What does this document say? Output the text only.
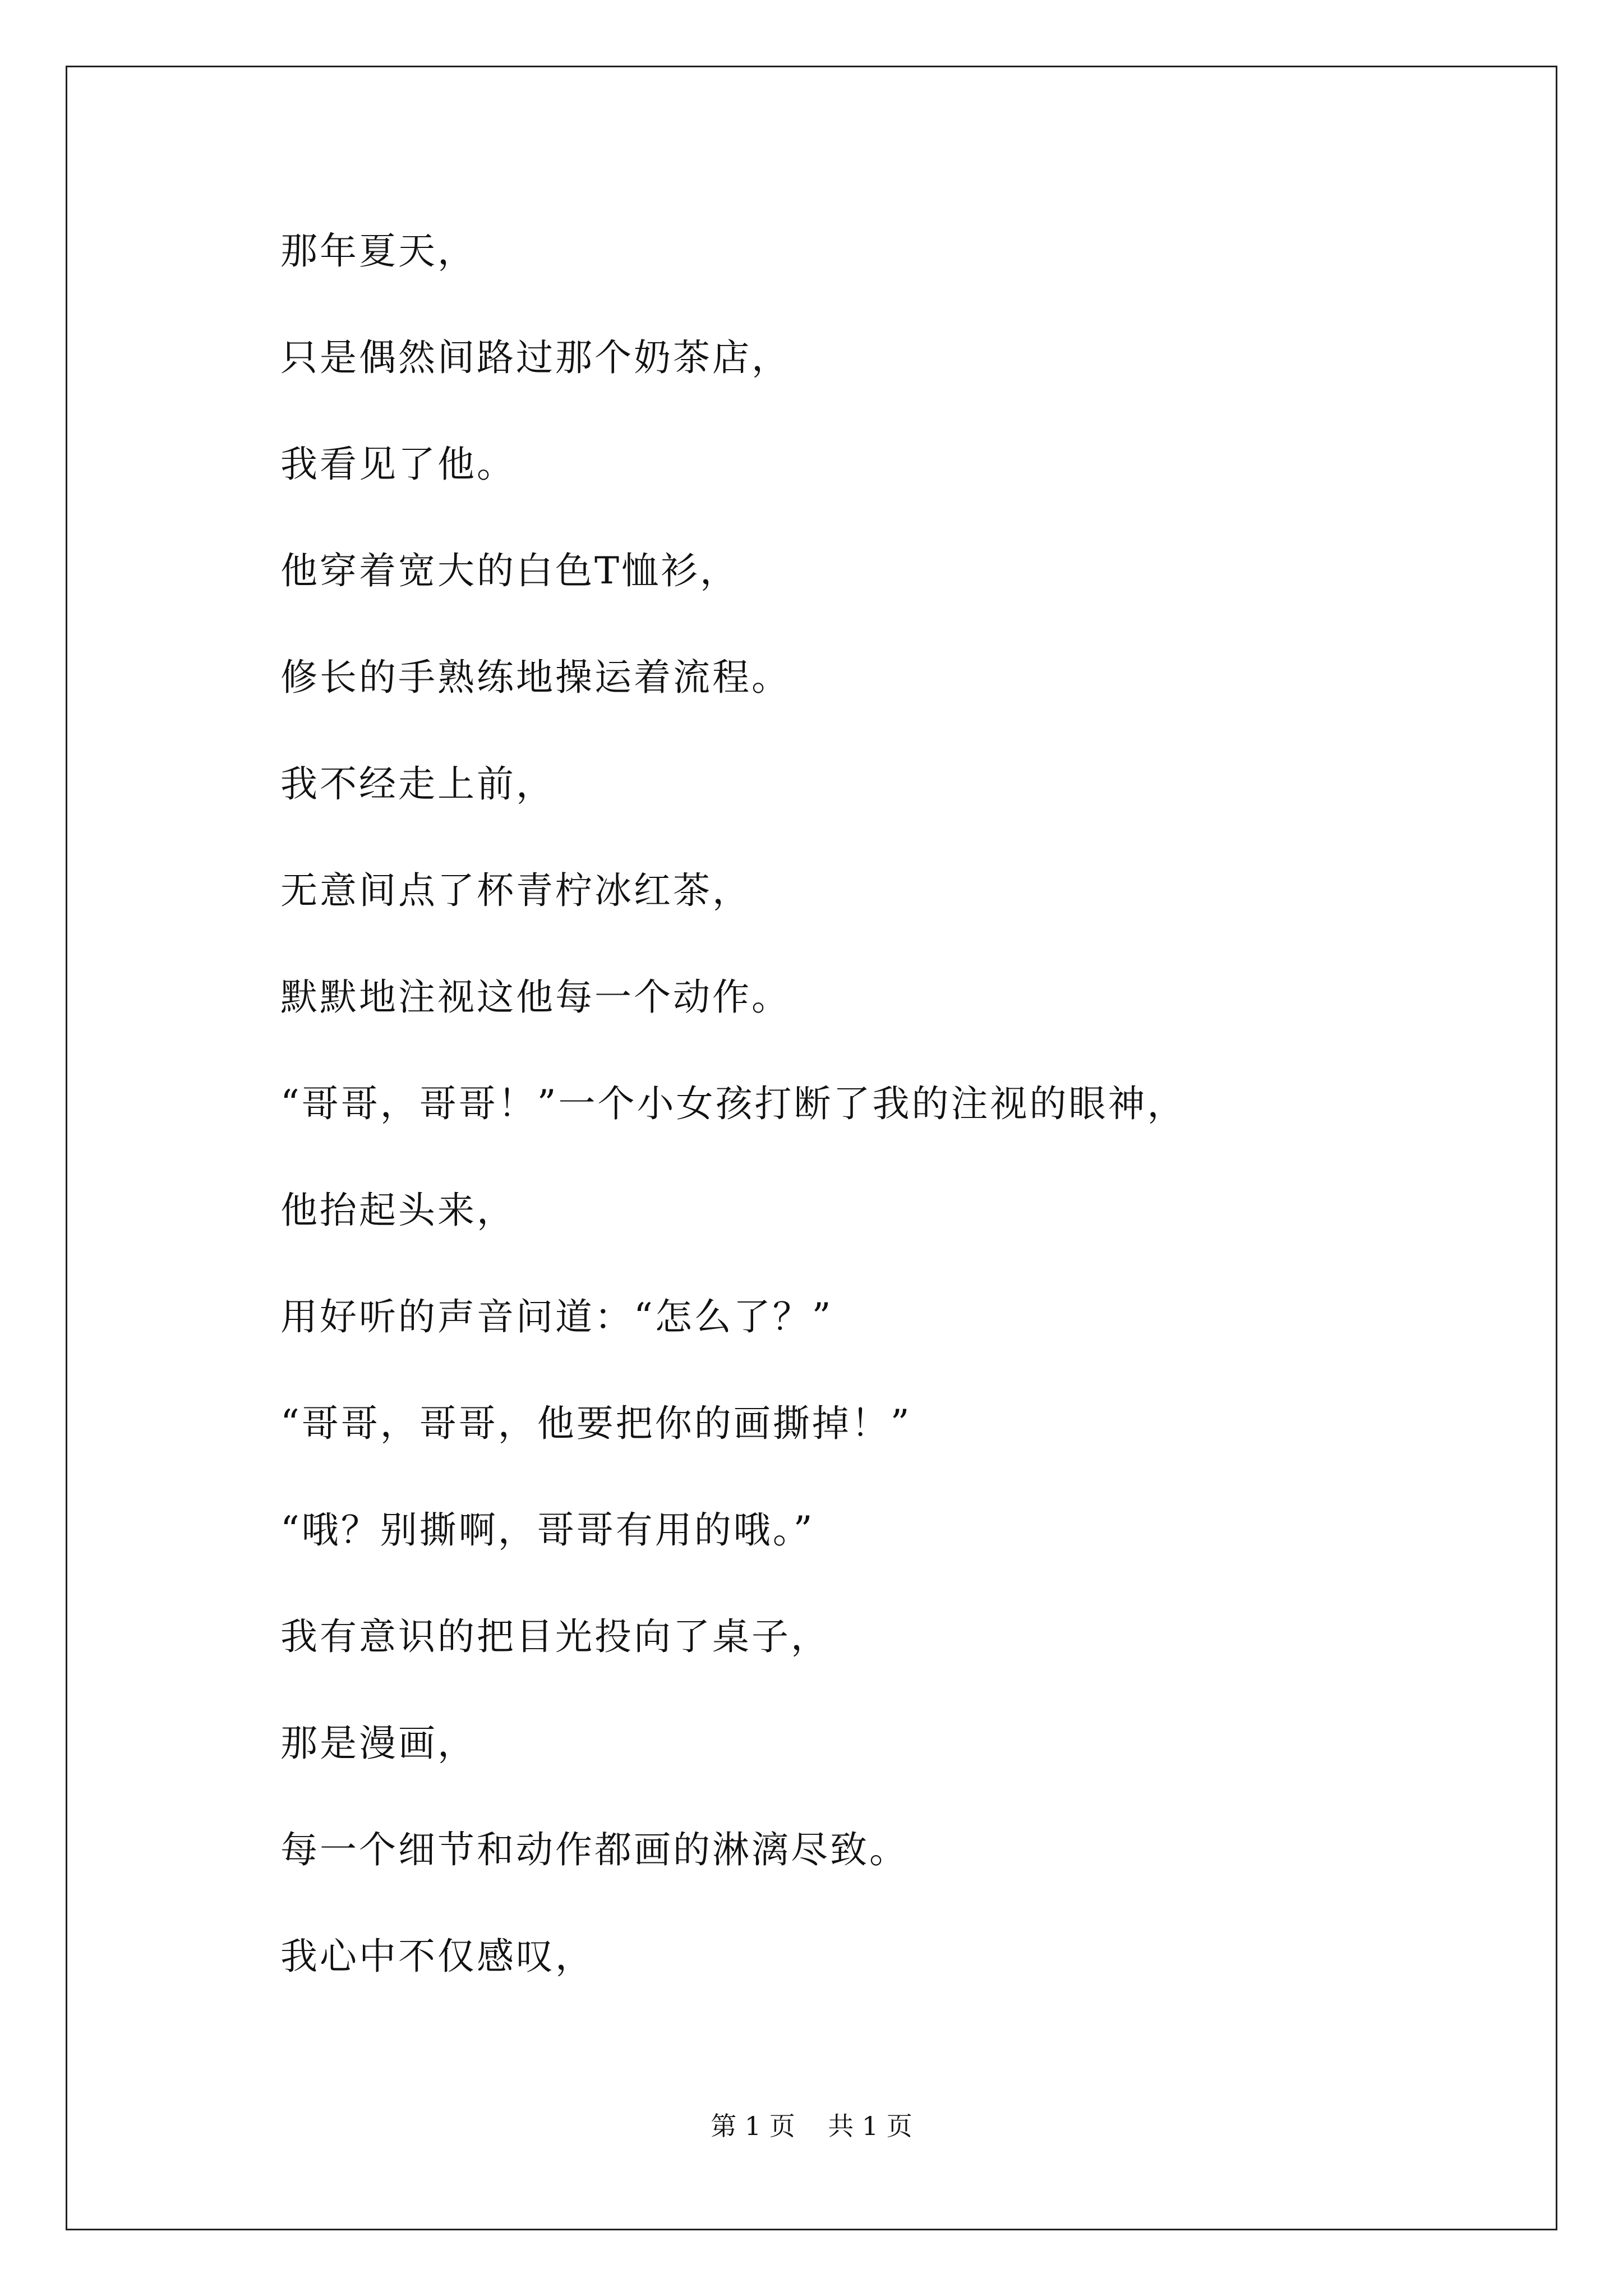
那年夏天，
只是偶然间路过那个奶茶店，
我看见了他。
他穿着宽大的白色T恤衫，
修长的手熟练地操运着流程。
我不经走上前，
无意间点了杯青柠冰红茶，
默默地注视这他每一个动作。
“哥哥，哥哥！”一个小女孩打断了我的注视的眼神，
他抬起头来，
用好听的声音问道：“怎么了？”
“哥哥，哥哥，他要把你的画撕掉！”
“哦？别撕啊，哥哥有用的哦。”
我有意识的把目光投向了桌子，
那是漫画，
每一个细节和动作都画的淋漓尽致。
我心中不仅感叹，
第 1 页    共 1 页
